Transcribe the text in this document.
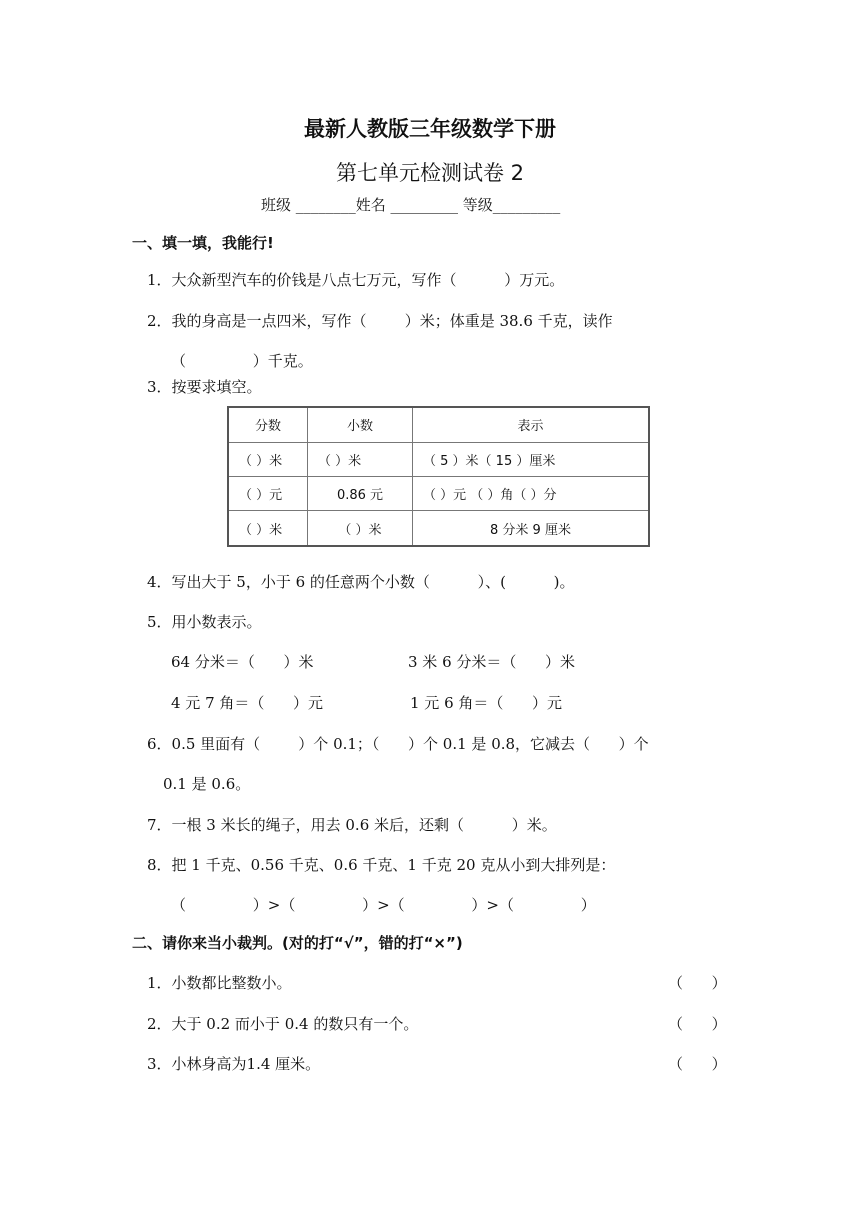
最新人教版三年级数学下册
第七单元检测试卷 2
班级 ________姓名 _________ 等级_________
一、填一填，我能行!
1．大众新型汽车的价钱是八点七万元，写作（          ）万元。
2．我的身高是一点四米，写作（        ）米；体重是 38.6 千克，读作
（              ）千克。
3．按要求填空。
分数	小数	表示
（ ）米	（ ）米	（ 5 ）米（ 15 ）厘米
（ ）元	0.86 元	（ ）元 （ ）角（ ）分
（ ）米	（ ）米	8 分米 9 厘米
4．写出大于 5，小于 6 的任意两个小数（          ）、(          )。
5．用小数表示。
64 分米＝（      ）米	3 米 6 分米＝（      ）米
4 元 7 角＝（      ）元	1 元 6 角＝（      ）元
6．0.5 里面有（        ）个 0.1；（      ）个 0.1 是 0.8，它减去（      ）个
0.1 是 0.6。
7．一根 3 米长的绳子，用去 0.6 米后，还剩（          ）米。
8．把 1 千克、0.56 千克、0.6 千克、1 千克 20 克从小到大排列是：
（              ）>（              ）>（              ）>（              ）
二、请你来当小裁判。(对的打“√”，错的打“×”)
1．小数都比整数小。	（      ）
2．大于 0.2 而小于 0.4 的数只有一个。	（      ）
3．小林身高为1.4 厘米。	（      ）
